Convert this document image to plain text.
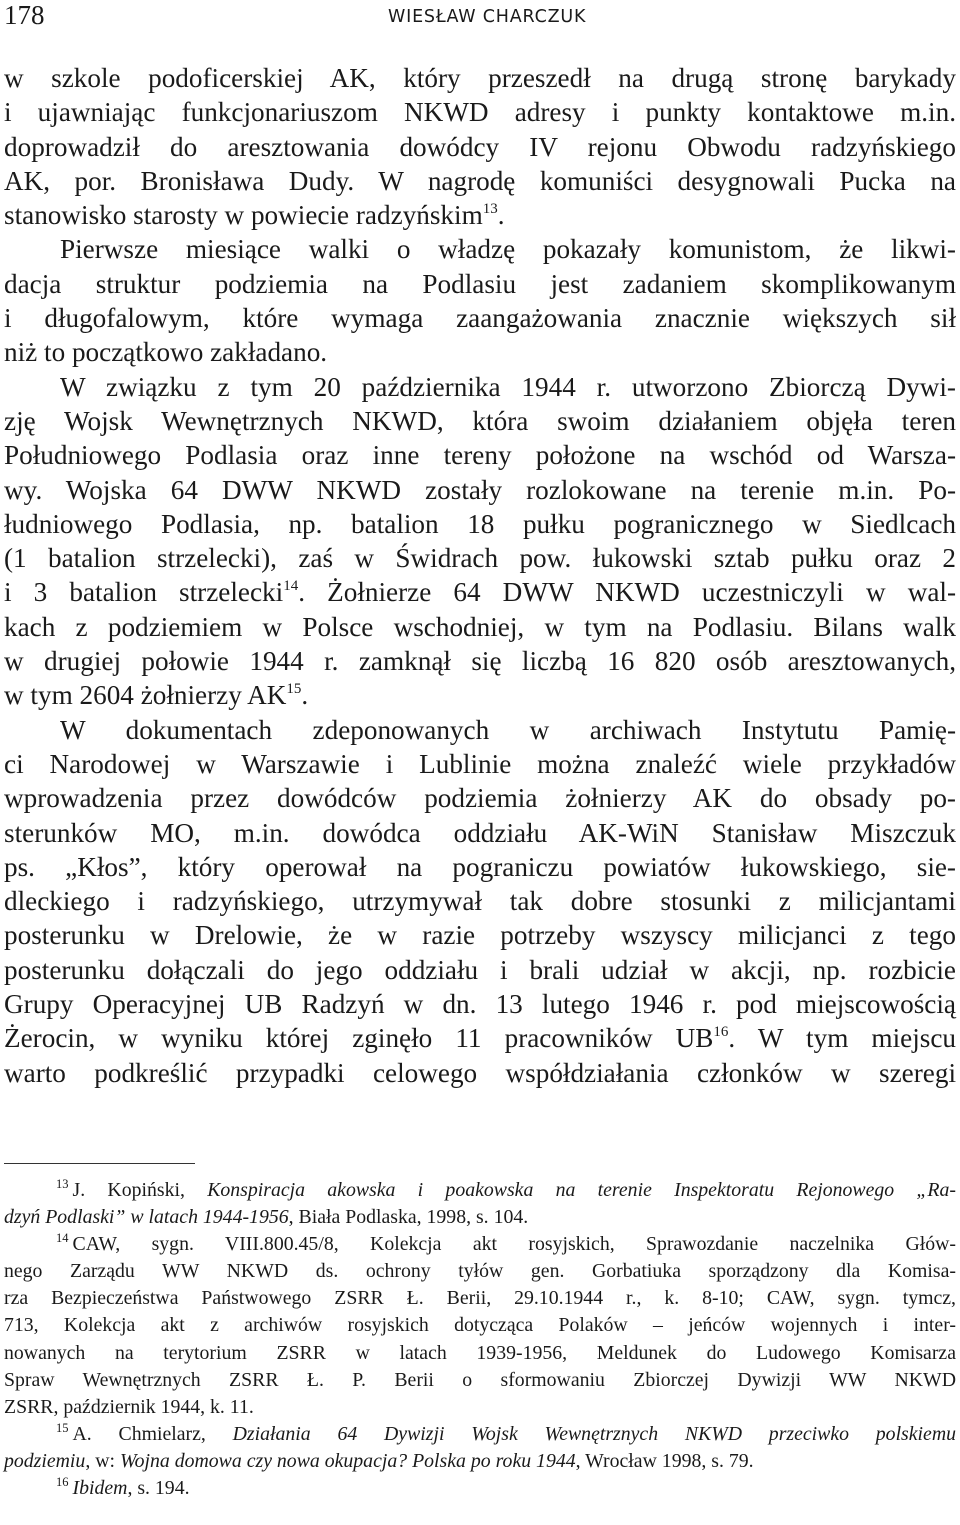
178	WIESŁAW CHARCZUK
w szkole podoficerskiej AK, który przeszedł na drugą stronę barykady
i ujawniając funkcjonariuszom NKWD adresy i punkty kontaktowe m.in.
doprowadził do aresztowania dowódcy IV rejonu Obwodu radzyńskiego
AK, por. Bronisława Dudy. W nagrodę komuniści desygnowali Pucka na
stanowisko starosty w powiecie radzyńskim$^{13}$.
Pierwsze miesiące walki o władzę pokazały komunistom, że likwi-
dacja struktur podziemia na Podlasiu jest zadaniem skomplikowanym
i długofalowym, które wymaga zaangażowania znacznie większych sił
niż to początkowo zakładano.
W związku z tym 20 października 1944 r. utworzono Zbiorczą Dywi-
zję Wojsk Wewnętrznych NKWD, która swoim działaniem objęła teren
Południowego Podlasia oraz inne tereny położone na wschód od Warsza-
wy. Wojska 64 DWW NKWD zostały rozlokowane na terenie m.in. Po-
łudniowego Podlasia, np. batalion 18 pułku pogranicznego w Siedlcach
(1 batalion strzelecki), zaś w Świdrach pow. łukowski sztab pułku oraz 2
i 3 batalion strzelecki$^{14}$. Żołnierze 64 DWW NKWD uczestniczyli w wal-
kach z podziemiem w Polsce wschodniej, w tym na Podlasiu. Bilans walk
w drugiej połowie 1944 r. zamknął się liczbą 16 820 osób aresztowanych,
w tym 2604 żołnierzy AK$^{15}$.
W dokumentach zdeponowanych w archiwach Instytutu Pamię-
ci Narodowej w Warszawie i Lublinie można znaleźć wiele przykładów
wprowadzenia przez dowódców podziemia żołnierzy AK do obsady po-
sterunków MO, m.in. dowódca oddziału AK-WiN Stanisław Miszczuk
ps. „Kłos”, który operował na pograniczu powiatów łukowskiego, sie-
dleckiego i radzyńskiego, utrzymywał tak dobre stosunki z milicjantami
posterunku w Drelowie, że w razie potrzeby wszyscy milicjanci z tego
posterunku dołączali do jego oddziału i brali udział w akcji, np. rozbicie
Grupy Operacyjnej UB Radzyń w dn. 13 lutego 1946 r. pod miejscowością
Żerocin, w wyniku której zginęło 11 pracowników UB$^{16}$. W tym miejscu
warto podkreślić przypadki celowego współdziałania członków w szeregi
$^{13}$ J. Kopiński, Konspiracja akowska i poakowska na terenie Inspektoratu Rejonowego „Ra-
dzyń Podlaski” w latach 1944-1956, Biała Podlaska, 1998, s. 104.
$^{14}$ CAW, sygn. VIII.800.45/8, Kolekcja akt rosyjskich, Sprawozdanie naczelnika Głów-
nego Zarządu WW NKWD ds. ochrony tyłów gen. Gorbatiuka sporządzony dla Komisa-
rza Bezpieczeństwa Państwowego ZSRR Ł. Berii, 29.10.1944 r., k. 8-10; CAW, sygn. tymcz,
713, Kolekcja akt z archiwów rosyjskich dotycząca Polaków – jeńców wojennych i inter-
nowanych na terytorium ZSRR w latach 1939-1956, Meldunek do Ludowego Komisarza
Spraw Wewnętrznych ZSRR Ł. P. Berii o sformowaniu Zbiorczej Dywizji WW NKWD
ZSRR, październik 1944, k. 11.
$^{15}$ A. Chmielarz, Działania 64 Dywizji Wojsk Wewnętrznych NKWD przeciwko polskiemu
podziemiu, w: Wojna domowa czy nowa okupacja? Polska po roku 1944, Wrocław 1998, s. 79.
$^{16}$ Ibidem, s. 194.
